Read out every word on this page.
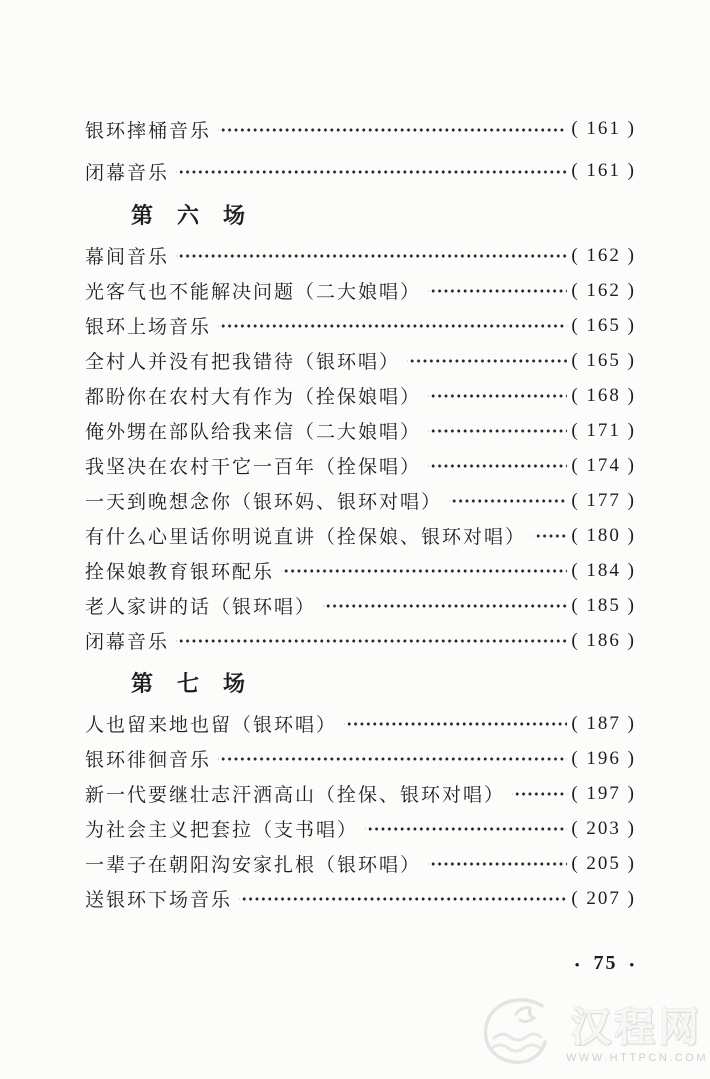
银环摔桶音乐	( 161 )
闭幕音乐	( 161 )
第　六　场
幕间音乐	( 162 )
光客气也不能解决问题（二大娘唱）	( 162 )
银环上场音乐	( 165 )
全村人并没有把我错待（银环唱）	( 165 )
都盼你在农村大有作为（拴保娘唱）	( 168 )
俺外甥在部队给我来信（二大娘唱）	( 171 )
我坚决在农村干它一百年（拴保唱）	( 174 )
一天到晚想念你（银环妈、银环对唱）	( 177 )
有什么心里话你明说直讲（拴保娘、银环对唱） ( 180 )
拴保娘教育银环配乐	( 184 )
老人家讲的话（银环唱）	( 185 )
闭幕音乐	( 186 )
第　七　场
人也留来地也留（银环唱）	( 187 )
银环徘徊音乐	( 196 )
新一代要继壮志汗洒高山（拴保、银环对唱）	( 197 )
为社会主义把套拉（支书唱）	( 203 )
一辈子在朝阳沟安家扎根（银环唱）	( 205 )
送银环下场音乐	( 207 )
• 75 •
汉程网
WWW.HTTPCN.COM
